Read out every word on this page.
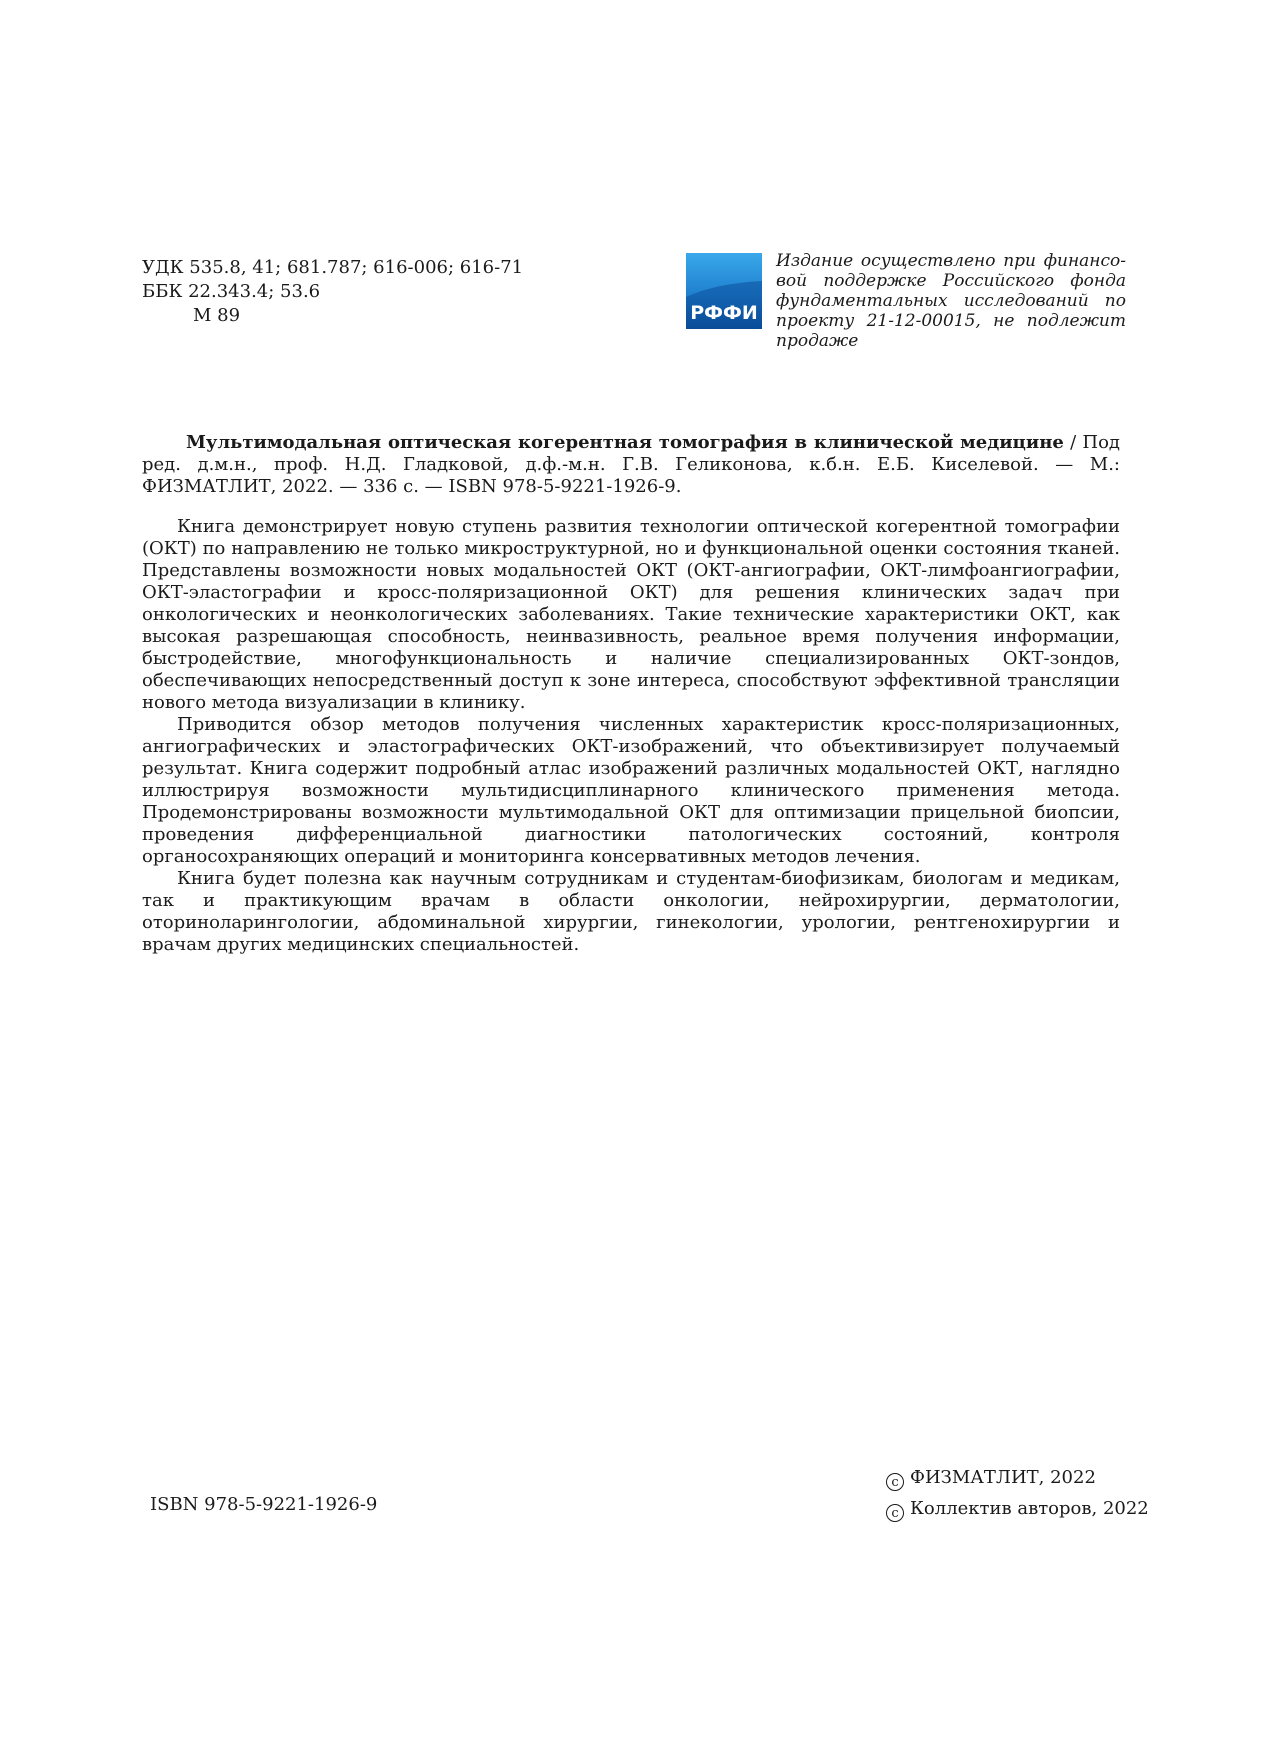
УДК 535.8, 41; 681.787; 616-006; 616-71
ББК 22.343.4; 53.6
М 89	РФФИ
Издание осуществлено при финансовой поддержке Российского фонда фундаментальных исследований по проекту 21-12-00015, не подлежит продаже
Мультимодальная оптическая когерентная томография в клинической медицине / Под ред. д.м.н., проф. Н.Д. Гладковой, д.ф.-м.н. Г.В. Геликонова, к.б.н. Е.Б. Киселевой. — М.: ФИЗМАТЛИТ, 2022. — 336 с. — ISBN 978-5-9221-1926-9.

Книга демонстрирует новую ступень развития технологии оптической когерентной томографии (ОКТ) по направлению не только микроструктурной, но и функциональной оценки состояния тканей. Представлены возможности новых модальностей ОКТ (ОКТ-ангиографии, ОКТ-лимфоангиографии, ОКТ-эластографии и кросс-поляризационной ОКТ) для решения клинических задач при онкологических и неонкологических заболеваниях. Такие технические характеристики ОКТ, как высокая разрешающая способность, неинвазивность, реальное время получения информации, быстродействие, многофункциональность и наличие специализированных ОКТ-зондов, обеспечивающих непосредственный доступ к зоне интереса, способствуют эффективной трансляции нового метода визуализации в клинику.

Приводится обзор методов получения численных характеристик кросс-поляризационных, ангиографических и эластографических ОКТ-изображений, что объективизирует получаемый результат. Книга содержит подробный атлас изображений различных модальностей ОКТ, наглядно иллюстрируя возможности мультидисциплинарного клинического применения метода. Продемонстрированы возможности мультимодальной ОКТ для оптимизации прицельной биопсии, проведения дифференциальной диагностики патологических состояний, контроля органосохраняющих операций и мониторинга консервативных методов лечения.

Книга будет полезна как научным сотрудникам и студентам-биофизикам, биологам и медикам, так и практикующим врачам в области онкологии, нейрохирургии, дерматологии, оториноларингологии, абдоминальной хирургии, гинекологии, урологии, рентгенохирургии и врачам других медицинских специальностей.

ISBN 978-5-9221-1926-9
c ФИЗМАТЛИТ, 2022
c Коллектив авторов, 2022
